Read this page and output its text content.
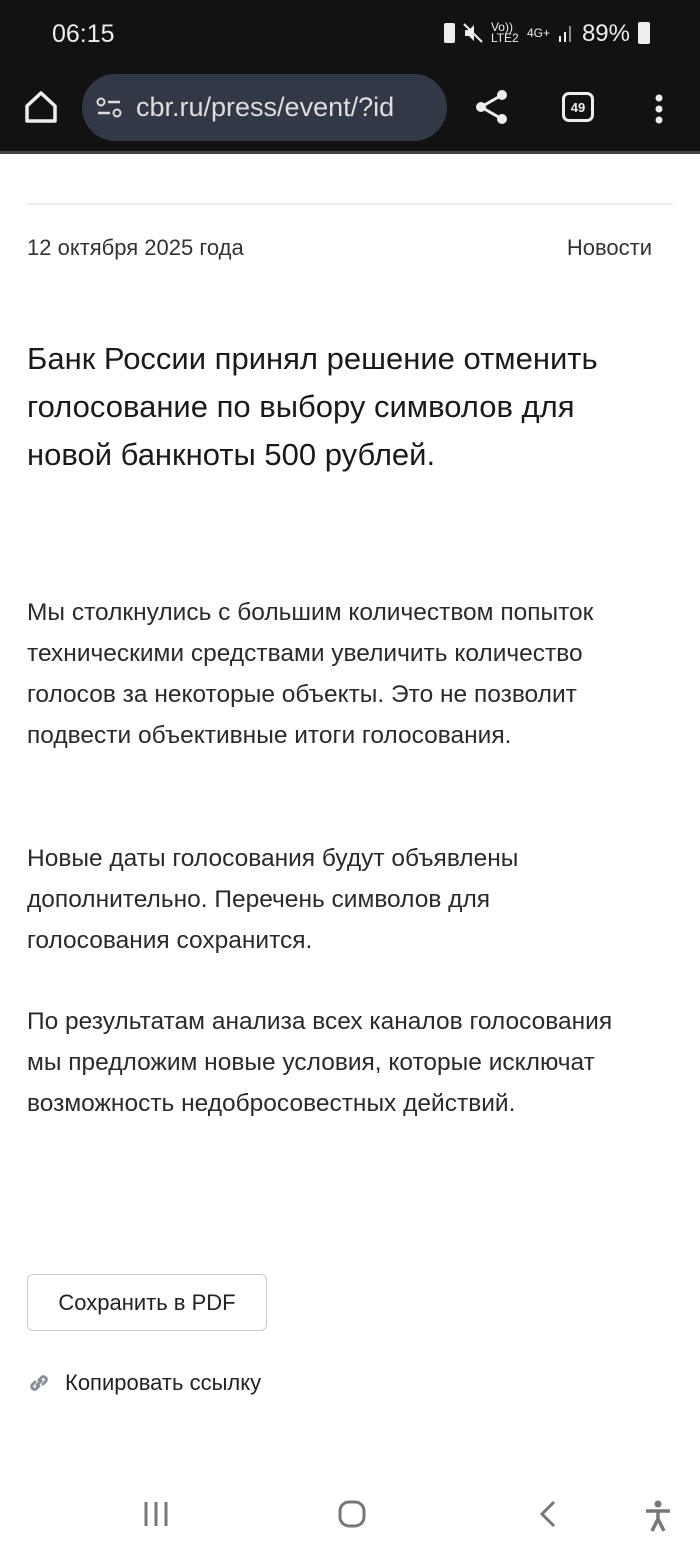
06:15	Vo)) LTE2 4G+ 89%
cbr.ru/press/event/?id	49
12 октября 2025 года	Новости
Банк России принял решение отменить голосование по выбору символов для новой банкноты 500 рублей.

Мы столкнулись с большим количеством попыток техническими средствами увеличить количество голосов за некоторые объекты. Это не позволит подвести объективные итоги голосования.

Новые даты голосования будут объявлены дополнительно. Перечень символов для голосования сохранится.

По результатам анализа всех каналов голосования мы предложим новые условия, которые исключат возможность недобросовестных действий.

Сохранить в PDF
Копировать ссылку
